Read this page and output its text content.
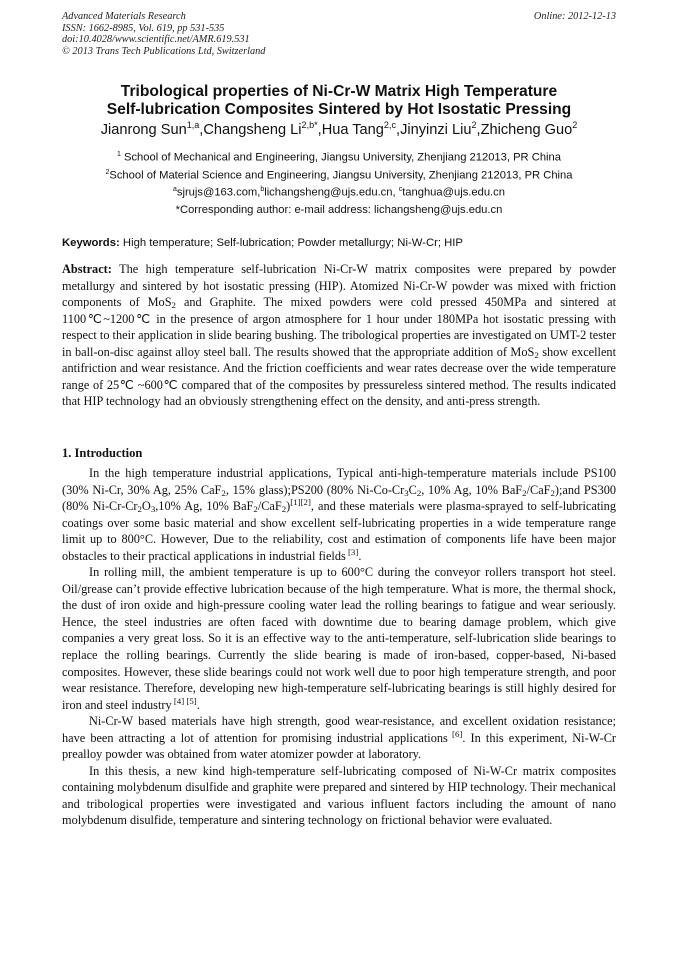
Advanced Materials Research
ISSN: 1662-8985, Vol. 619, pp 531-535
doi:10.4028/www.scientific.net/AMR.619.531
© 2013 Trans Tech Publications Ltd, Switzerland
Online: 2012-12-13
Tribological properties of Ni-Cr-W Matrix High Temperature
Self-lubrication Composites Sintered by Hot Isostatic Pressing
Jianrong Sun$^{1,a}$,Changsheng $Li^{2,b*},Hua$ Tang$^{2,c}$,Jinyinzi Liu$^2$,Zhicheng Guo$^2$
$^1$ School of Mechanical and Engineering, Jiangsu University, Zhenjiang 212013, PR China
$^2$School of Material Science and Engineering, Jiangsu University, Zhenjiang 212013, PR China
$^a$sjrujs@163.com,$^b$lichangsheng@ujs.edu.cn, $^c$tanghua@ujs.edu.cn
*Corresponding author: e-mail address: lichangsheng@ujs.edu.cn
Keywords: High temperature; Self-lubrication; Powder metallurgy; Ni-W-Cr; HIP

Abstract: The high temperature self-lubrication Ni-Cr-W matrix composites were prepared by powder metallurgy and sintered by hot isostatic pressing (HIP). Atomized Ni-Cr-W powder was mixed with friction components of MoS$_2$ and Graphite. The mixed powders were cold pressed 450MPa and sintered at 1100℃~1200℃ in the presence of argon atmosphere for 1 hour under 180MPa hot isostatic pressing with respect to their application in slide bearing bushing. The tribological properties are investigated on UMT-2 tester in ball-on-disc against alloy steel ball. The results showed that the appropriate addition of MoS$_2$ show excellent antifriction and wear resistance. And the friction coefficients and wear rates decrease over the wide temperature range of 25℃ ~600℃ compared that of the composites by pressureless sintered method. The results indicated that HIP technology had an obviously strengthening effect on the density, and anti-press strength.

1. Introduction

In the high temperature industrial applications, Typical anti-high-temperature materials include PS100 (30% Ni-Cr, 30% Ag, 25% CaF$_2$, 15% glass);PS200 (80% $Ni-Co-Cr_3C_2$, 10% Ag, 10% BaF$_2$/CaF$_2$);and PS300 (80% $Ni-Cr-Cr_2O_3,10\%$ Ag, 10% BaF$_2$/CaF$_2$)[1][2], and these materials were plasma-sprayed to self-lubricating coatings over some basic material and show excellent self-lubricating properties in a wide temperature range limit up to 800°C. However, Due to the reliability, cost and estimation of components life have been major obstacles to their practical applications in industrial fields [3].

In rolling mill, the ambient temperature is up to 600°C during the conveyor rollers transport hot steel. Oil/grease can’t provide effective lubrication because of the high temperature. What is more, the thermal shock, the dust of iron oxide and high-pressure cooling water lead the rolling bearings to fatigue and wear seriously. Hence, the steel industries are often faced with downtime due to bearing damage problem, which give companies a very great loss. So it is an effective way to the anti-temperature, self-lubrication slide bearings to replace the rolling bearings. Currently the slide bearing is made of iron-based, copper-based, Ni-based composites. However, these slide bearings could not work well due to poor high temperature strength, and poor wear resistance. Therefore, developing new high-temperature self-lubricating bearings is still highly desired for iron and steel industry [4] [5].

Ni-Cr-W based materials have high strength, good wear-resistance, and excellent oxidation resistance; have been attracting a lot of attention for promising industrial applications [6]. In this experiment, Ni-W-Cr prealloy powder was obtained from water atomizer powder at laboratory.

In this thesis, a new kind high-temperature self-lubricating composed of Ni-W-Cr matrix composites containing molybdenum disulfide and graphite were prepared and sintered by HIP technology. Their mechanical and tribological properties were investigated and various influent factors including the amount of nano molybdenum disulfide, temperature and sintering technology on frictional behavior were evaluated.
